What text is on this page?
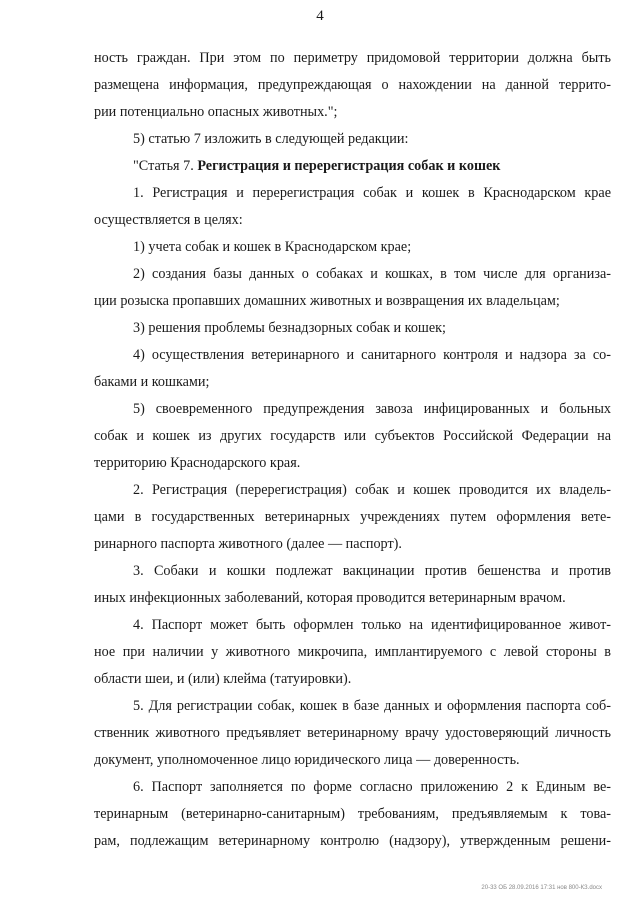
4
ность граждан. При этом по периметру придомовой территории должна быть
размещена информация, предупреждающая о нахождении на данной террито-
рии потенциально опасных животных.";
5) статью 7 изложить в следующей редакции:
"Статья 7. Регистрация и перерегистрация собак и кошек
1. Регистрация и перерегистрация собак и кошек в Краснодарском крае
осуществляется в целях:
1) учета собак и кошек в Краснодарском крае;
2) создания базы данных о собаках и кошках, в том числе для организа-
ции розыска пропавших домашних животных и возвращения их владельцам;
3) решения проблемы безнадзорных собак и кошек;
4) осуществления ветеринарного и санитарного контроля и надзора за со-
баками и кошками;
5) своевременного предупреждения завоза инфицированных и больных
собак и кошек из других государств или субъектов Российской Федерации на
территорию Краснодарского края.
2. Регистрация (перерегистрация) собак и кошек проводится их владель-
цами в государственных ветеринарных учреждениях путем оформления вете-
ринарного паспорта животного (далее — паспорт).
3. Собаки и кошки подлежат вакцинации против бешенства и против
иных инфекционных заболеваний, которая проводится ветеринарным врачом.
4. Паспорт может быть оформлен только на идентифицированное живот-
ное при наличии у животного микрочипа, имплантируемого с левой стороны в
области шеи, и (или) клейма (татуировки).
5. Для регистрации собак, кошек в базе данных и оформления паспорта соб-
ственник животного предъявляет ветеринарному врачу удостоверяющий личность
документ, уполномоченное лицо юридического лица — доверенность.
6. Паспорт заполняется по форме согласно приложению 2 к Единым ве-
теринарным (ветеринарно-санитарным) требованиям, предъявляемым к това-
рам, подлежащим ветеринарному контролю (надзору), утвержденным решени-
20-33 ОБ 28.09.2016 17:31 нов 800-КЗ.docx
